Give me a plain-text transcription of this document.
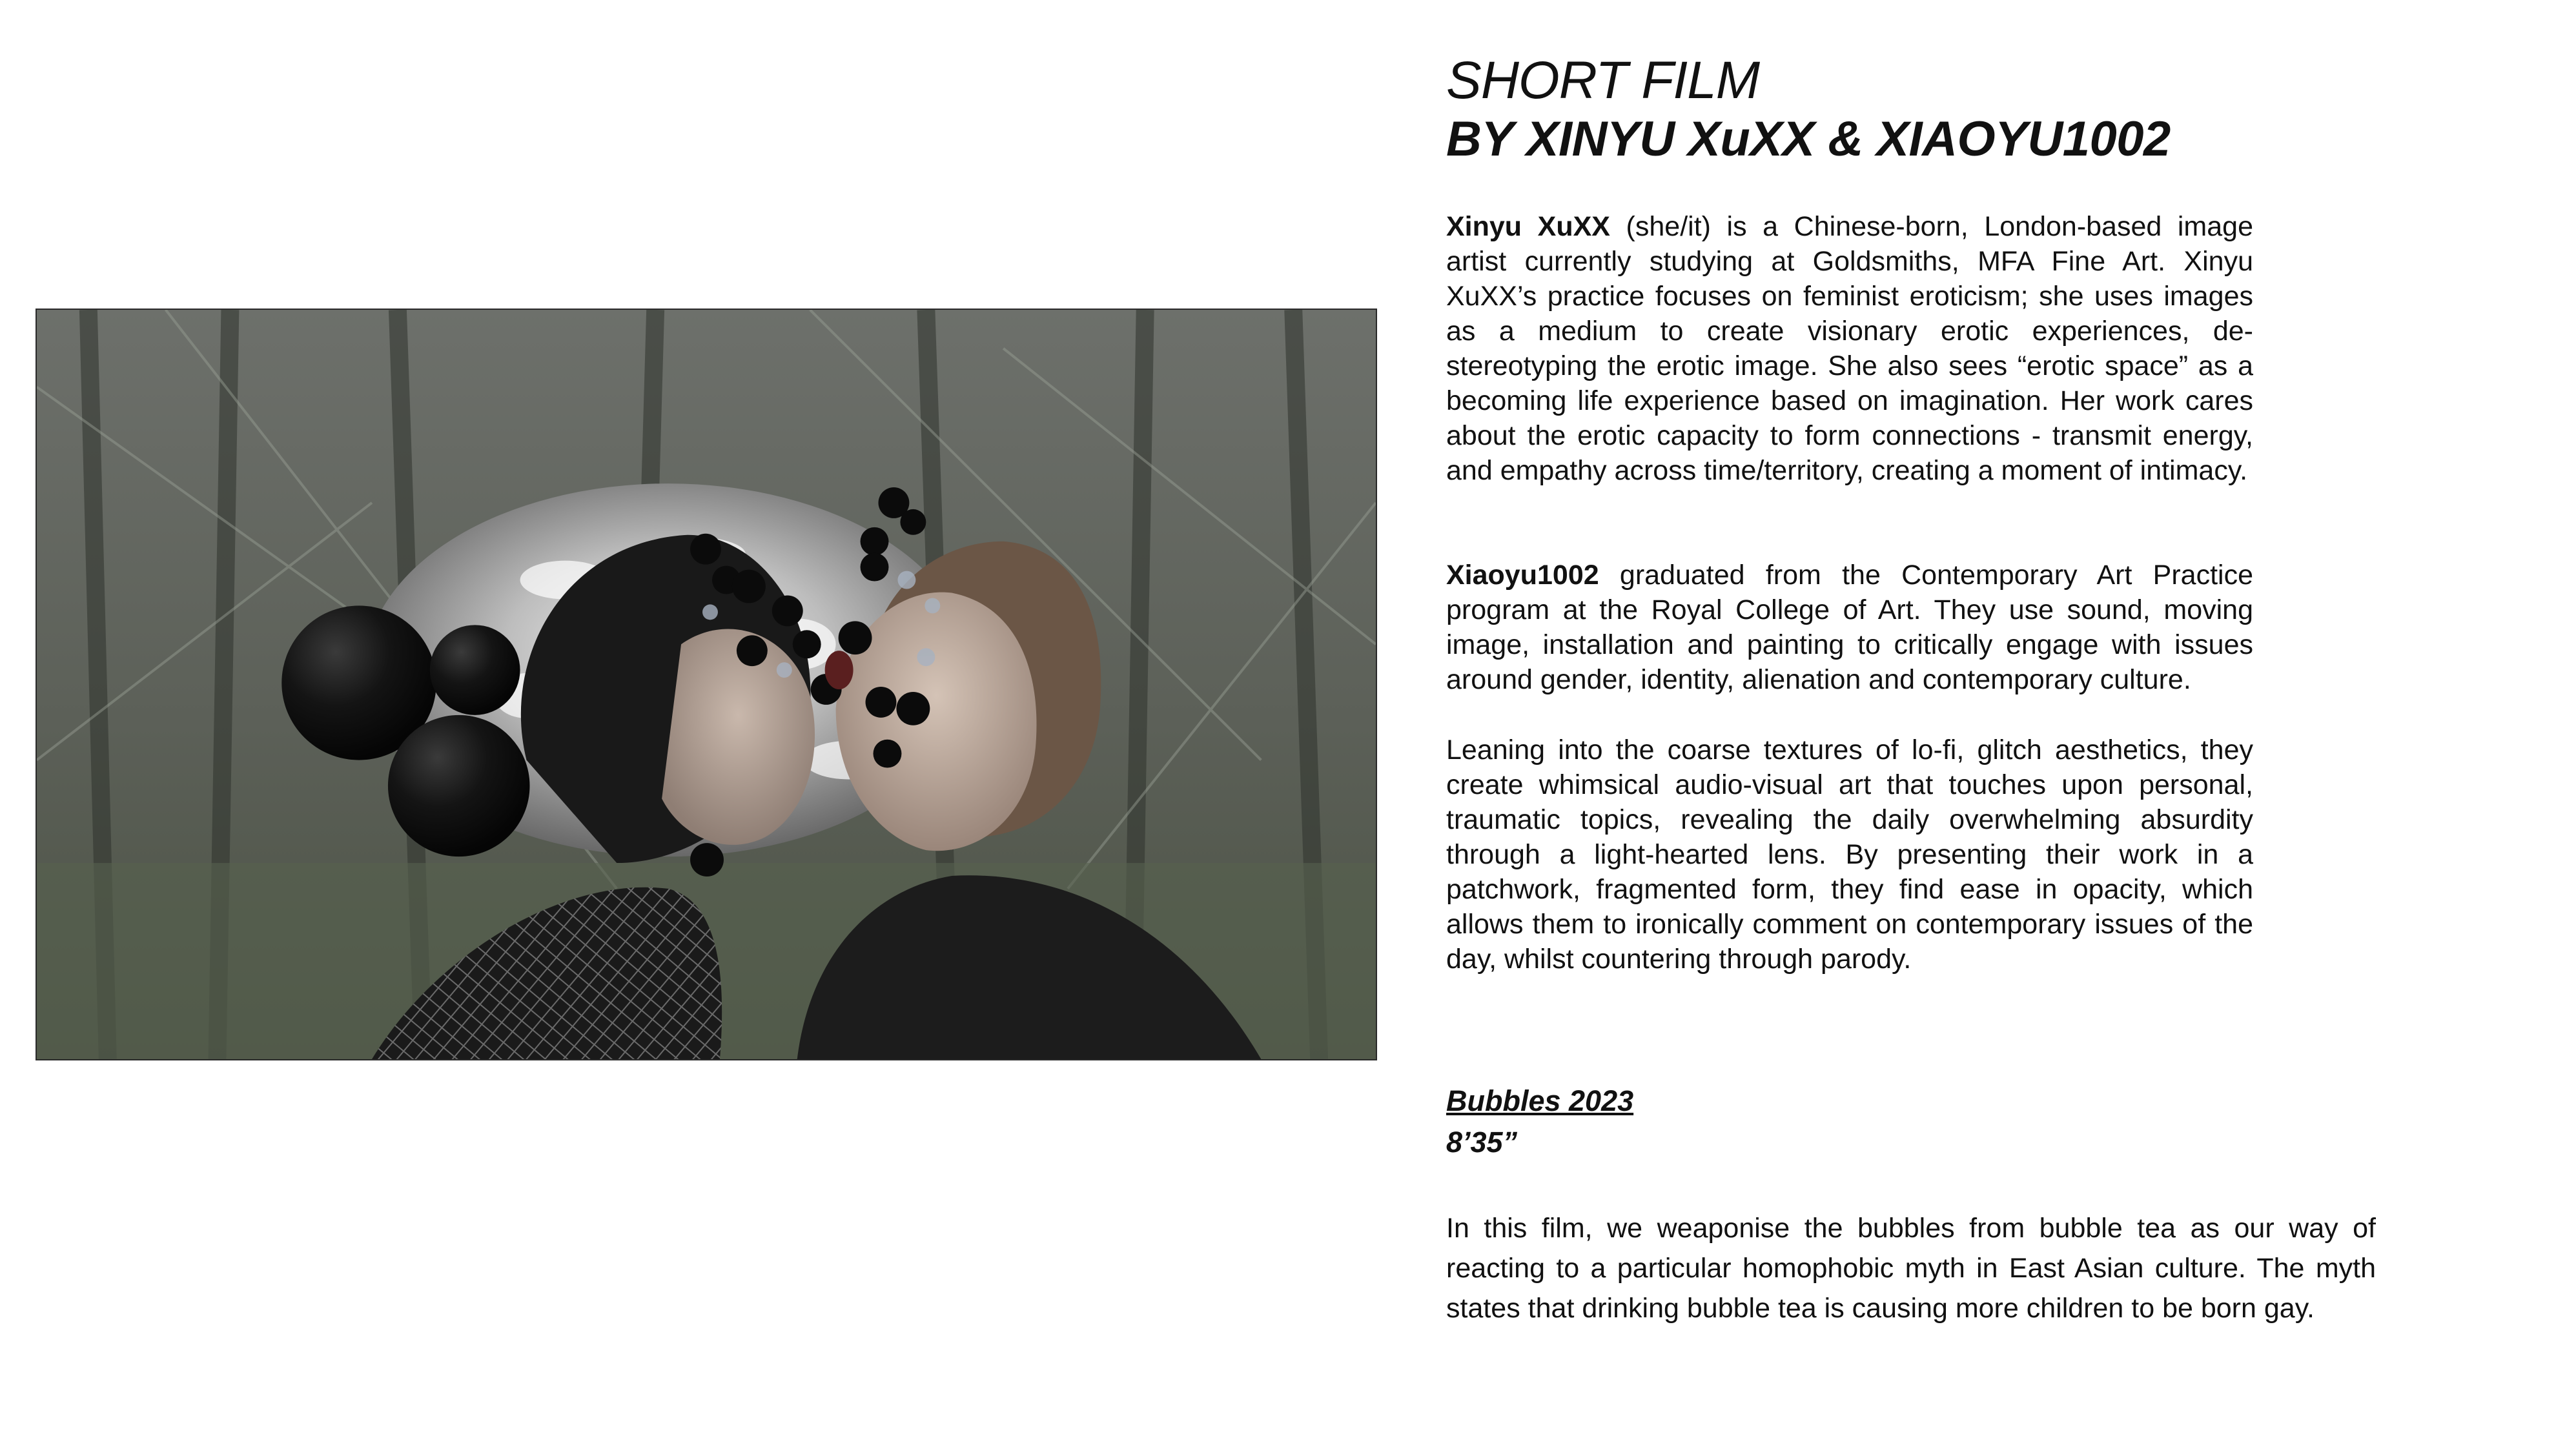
SHORT FILM
BY XINYU XuXX & XIAOYU1002

Xinyu XuXX (she/it) is a Chinese-born, London-based image artist currently studying at Goldsmiths, MFA Fine Art. Xinyu XuXX’s practice focuses on feminist eroticism; she uses images as a medium to create visionary erotic experiences, de-stereotyping the erotic image. She also sees “erotic space” as a becoming life experience based on imagination. Her work cares about the erotic capacity to form connections - transmit energy, and empathy across time/territory, creating a moment of intimacy.

Xiaoyu1002 graduated from the Contemporary Art Practice program at the Royal College of Art. They use sound, moving image, installation and painting to critically engage with issues around gender, identity, alienation and contemporary culture.

Leaning into the coarse textures of lo-fi, glitch aesthetics, they create whimsical audio-visual art that touches upon personal, traumatic topics, revealing the daily overwhelming absurdity through a light-hearted lens. By presenting their work in a patchwork, fragmented form, they find ease in opacity, which allows them to ironically comment on contemporary issues of the day, whilst countering through parody.

Bubbles 2023
8’35”

In this film, we weaponise the bubbles from bubble tea as our way of reacting to a particular homophobic myth in East Asian culture. The myth states that drinking bubble tea is causing more children to be born gay.
